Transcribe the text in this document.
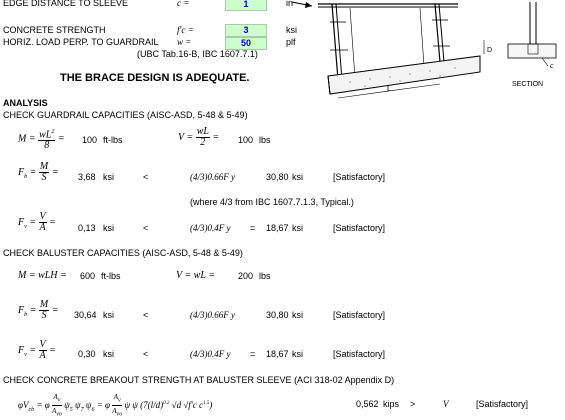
EDGE DISTANCE TO SLEEVE	c =	1	in
CONCRETE STRENGTH	f'c =	3	ksi
HORIZ. LOAD PERP. TO GUARDRAIL w =	50	plf
(UBC Tab.16-B, IBC 1607.7.1)
THE BRACE DESIGN IS ADEQUATE.
L
D
c
SECTION
ANALYSIS
CHECK GUARDRAIL CAPACITIES (AISC-ASD, 5-48 & 5-49)
$M = \frac{wL^2}{8} = 100$ ft-lbs	$V = \frac{wL}{2} = 100$ lbs
$F_b = \frac{M}{S} = 3,68$ ksi	<	(4/3)0.66F y	30,80 ksi	[Satisfactory]
(where 4/3 from IBC 1607.7.1.3, Typical.)
$F_v = \frac{V}{A}$ =
0,13 ksi	<	(4/3)0.4F y = 18,67 ksi	[Satisfactory]
CHECK BALUSTER CAPACITIES (AISC-ASD, 5-48 & 5-49)
M = wLH = 600 ft-lbs	V = wL =	200 lbs
$F_b = \frac{M}{S} = 30,64$ ksi	<	(4/3)0.66F y	30,80 ksi	[Satisfactory]
$F_v = \frac{V}{A} = 0,30$ ksi	<	(4/3)0.4F y = 18,67 ksi	[Satisfactory]
CHECK CONCRETE BREAKOUT STRENGTH AT BALUSTER SLEEVE (ACI 318-02 Appendix D)
$\varphi V_{cb} = \varphi \frac{Av}{\text{Avo}} \psi_5$ $\psi_7$ $\psi_6 = \varphi \frac{Av}{\text{Avo}}$ ψ ψ ($7(l/d)^{0.2}$ √d √f'c $c^{1.5}$)	0,562 kips >	V	[Satisfactory]
